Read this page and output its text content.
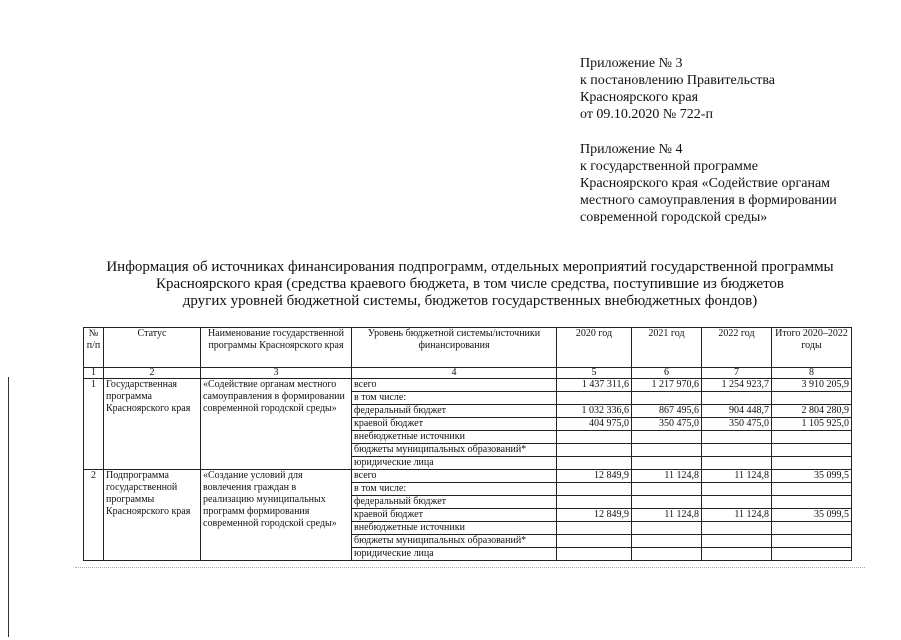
Приложение № 3
к постановлению Правительства
Красноярского края
от 09.10.2020 № 722-п
Приложение № 4
к государственной программе
Красноярского края «Содействие органам
местного самоуправления в формировании
современной городской среды»
Информация об источниках финансирования подпрограмм, отдельных мероприятий государственной программы
Красноярского края (средства краевого бюджета, в том числе средства, поступившие из бюджетов
других уровней бюджетной системы, бюджетов государственных внебюджетных фондов)
№ п/п	Статус	Наименование государственной программы Красноярского края	Уровень бюджетной системы/источники финансирования	2020 год	2021 год	2022 год	Итого 2020–2022 годы
1	2	3	4	5	6	7	8
1	Государственная программа Красноярского края	«Содействие органам местного самоуправления в формировании современной городской среды»	всего	1 437 311,6	1 217 970,6	1 254 923,7	3 910 205,9
			в том числе:				
			федеральный бюджет	1 032 336,6	867 495,6	904 448,7	2 804 280,9
			краевой бюджет	404 975,0	350 475,0	350 475,0	1 105 925,0
			внебюджетные источники				
			бюджеты муниципальных образований*				
			юридические лица				
2	Подпрограмма государственной программы Красноярского края	«Создание условий для вовлечения граждан в реализацию муниципальных программ формирования современной городской среды»	всего	12 849,9	11 124,8	11 124,8	35 099,5
			в том числе:				
			федеральный бюджет				
			краевой бюджет	12 849,9	11 124,8	11 124,8	35 099,5
			внебюджетные источники				
			бюджеты муниципальных образований*				
			юридические лица				
